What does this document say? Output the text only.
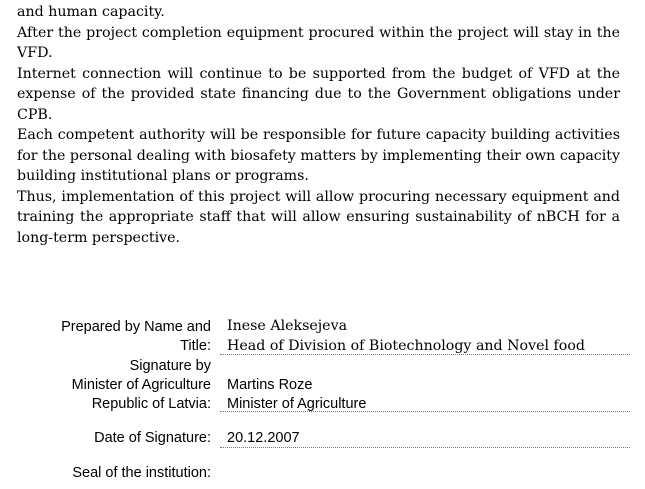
and human capacity.

After the project completion equipment procured within the project will stay in the VFD.

Internet connection will continue to be supported from the budget of VFD at the expense of the provided state financing due to the Government obligations under CPB.

Each competent authority will be responsible for future capacity building activities for the personal dealing with biosafety matters by implementing their own capacity building institutional plans or programs.

Thus, implementation of this project will allow procuring necessary equipment and training the appropriate staff that will allow ensuring sustainability of nBCH for a long-term perspective.

Prepared by Name and
Title:
Inese Aleksejeva
Head of Division of Biotechnology and Novel food
Signature by
Minister of Agriculture
Republic of Latvia:
Martins Roze
Minister of Agriculture
Date of Signature: 20.12.2007
Seal of the institution:
